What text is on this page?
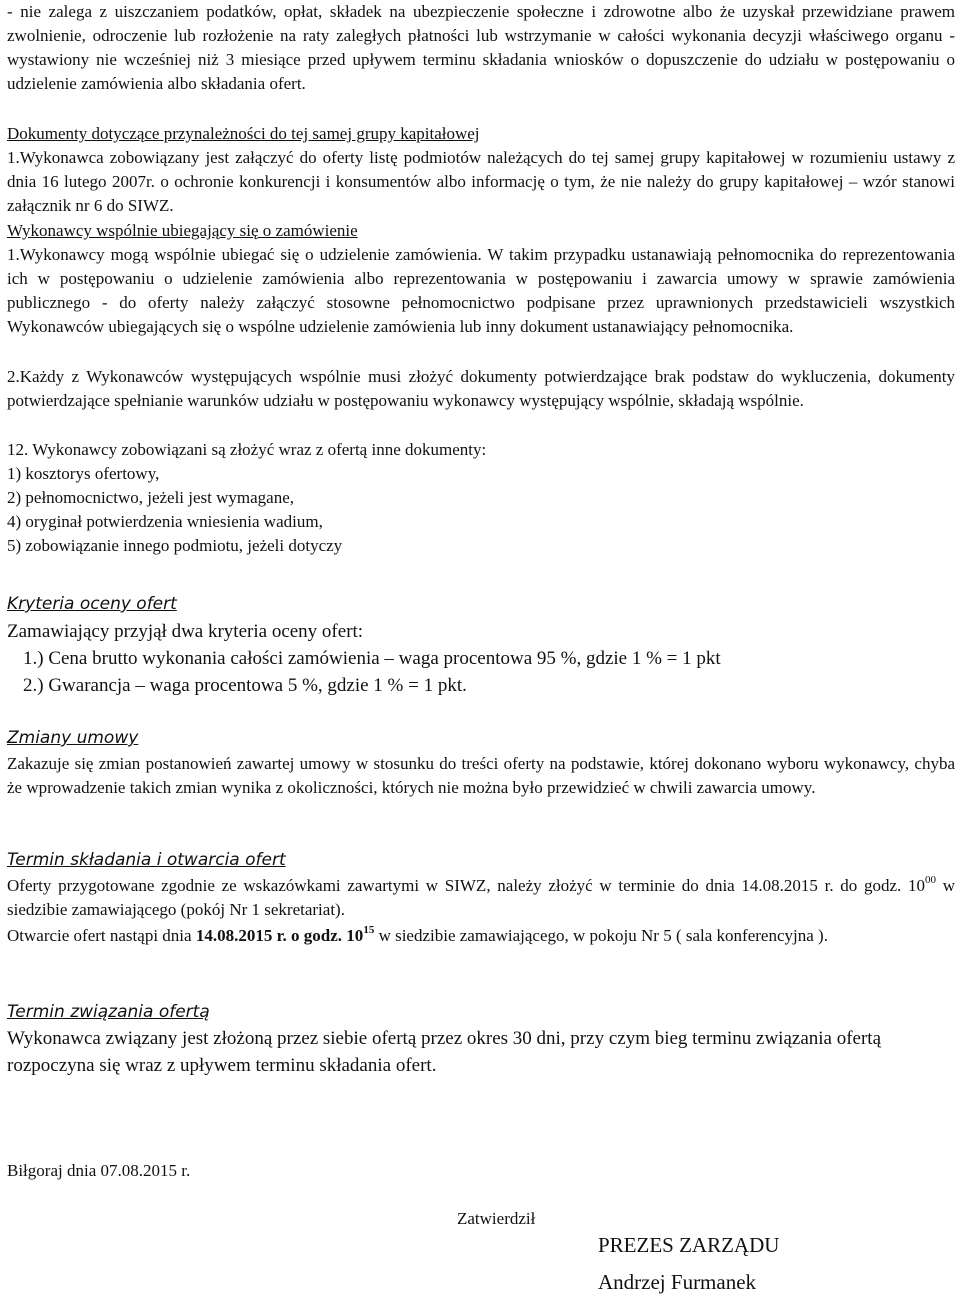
- nie zalega z uiszczaniem podatków, opłat, składek na ubezpieczenie społeczne i zdrowotne albo że uzyskał przewidziane prawem zwolnienie, odroczenie lub rozłożenie na raty zaległych płatności lub wstrzymanie w całości wykonania decyzji właściwego organu - wystawiony nie wcześniej niż 3 miesiące przed upływem terminu składania wniosków o dopuszczenie do udziału w postępowaniu o udzielenie zamówienia albo składania ofert.

Dokumenty dotyczące przynależności do tej samej grupy kapitałowej

1.Wykonawca zobowiązany jest załączyć do oferty listę podmiotów należących do tej samej grupy kapitałowej w rozumieniu ustawy z dnia 16 lutego 2007r. o ochronie konkurencji i konsumentów albo informację o tym, że nie należy do grupy kapitałowej – wzór stanowi załącznik nr 6 do SIWZ.

Wykonawcy wspólnie ubiegający się o zamówienie

1.Wykonawcy mogą wspólnie ubiegać się o udzielenie zamówienia. W takim przypadku ustanawiają pełnomocnika do reprezentowania ich w postępowaniu o udzielenie zamówienia albo reprezentowania w postępowaniu i zawarcia umowy w sprawie zamówienia publicznego - do oferty należy załączyć stosowne pełnomocnictwo podpisane przez uprawnionych przedstawicieli wszystkich Wykonawców ubiegających się o wspólne udzielenie zamówienia lub inny dokument ustanawiający pełnomocnika.

2.Każdy z Wykonawców występujących wspólnie musi złożyć dokumenty potwierdzające brak podstaw do wykluczenia, dokumenty potwierdzające spełnianie warunków udziału w postępowaniu wykonawcy występujący wspólnie, składają wspólnie.

12. Wykonawcy zobowiązani są złożyć wraz z ofertą inne dokumenty:
1) kosztorys ofertowy,
2) pełnomocnictwo, jeżeli jest wymagane,
4) oryginał potwierdzenia wniesienia wadium,
5) zobowiązanie innego podmiotu, jeżeli dotyczy

Kryteria oceny ofert

Zamawiający przyjął dwa kryteria oceny ofert:
1.) Cena brutto wykonania całości zamówienia – waga procentowa 95 %, gdzie 1 % = 1 pkt
2.) Gwarancja – waga procentowa 5 %, gdzie 1 % = 1 pkt.

Zmiany umowy

Zakazuje się zmian postanowień zawartej umowy w stosunku do treści oferty na podstawie, której dokonano wyboru wykonawcy, chyba że wprowadzenie takich zmian wynika z okoliczności, których nie można było przewidzieć w chwili zawarcia umowy.

Termin składania i otwarcia ofert

Oferty przygotowane zgodnie ze wskazówkami zawartymi w SIWZ, należy złożyć w terminie do dnia 14.08.2015 r. do godz. $10^{00}$ w siedzibie zamawiającego (pokój Nr 1 sekretariat).

Otwarcie ofert nastąpi dnia 14.08.2015 r. o godz. $10^{15}$ w siedzibie zamawiającego, w pokoju Nr 5 ( sala konferencyjna ).

Termin związania ofertą

Wykonawca związany jest złożoną przez siebie ofertą przez okres 30 dni, przy czym bieg terminu związania ofertą rozpoczyna się wraz z upływem terminu składania ofert.

Biłgoraj dnia 07.08.2015 r.

Zatwierdził
PREZES ZARZĄDU
Andrzej Furmanek
